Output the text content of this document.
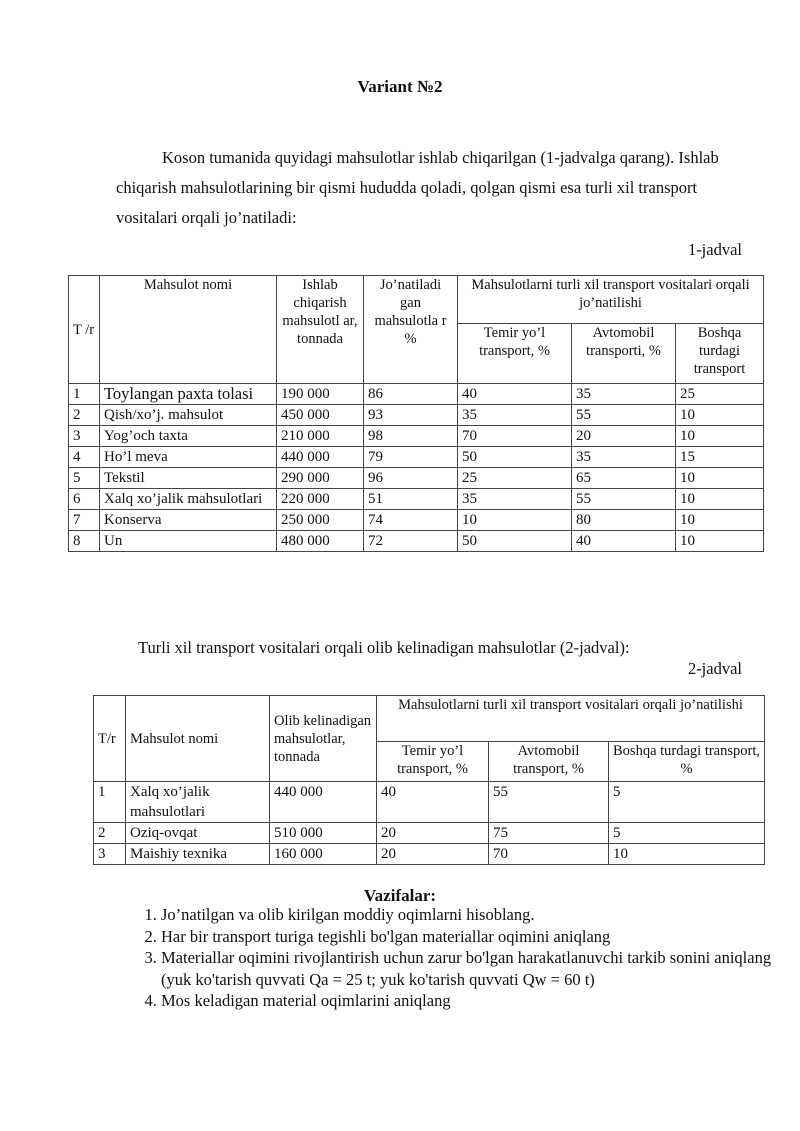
Variant №2
Koson tumanida quyidagi mahsulotlar ishlab chiqarilgan (1-jadvalga qarang). Ishlab chiqarish mahsulotlarining bir qismi hududda qoladi, qolgan qismi esa turli xil transport vositalari orqali jo’natiladi:
1-jadval
T /r	Mahsulot nomi	Ishlab chiqarish mahsulotl ar, tonnada	Jo’natiladi gan mahsulotla r %	Mahsulotlarni turli xil transport vositalari orqali jo’natilishi		
				Temir yo’l transport, %	Avtomobil transporti, %	Boshqa turdagi transport
1	Toylangan paxta tolasi	190 000	86	40	35	25
2	Qish/xo’j. mahsulot	450 000	93	35	55	10
3	Yog’och taxta	210 000	98	70	20	10
4	Ho’l meva	440 000	79	50	35	15
5	Tekstil	290 000	96	25	65	10
6	Xalq xo’jalik mahsulotlari	220 000	51	35	55	10
7	Konserva	250 000	74	10	80	10
8	Un	480 000	72	50	40	10
Turli xil transport vositalari orqali olib kelinadigan mahsulotlar (2-jadval):
2-jadval
T/r	Mahsulot nomi	Olib kelinadigan mahsulotlar, tonnada	Mahsulotlarni turli xil transport vositalari orqali jo’natilishi		
			Temir yo’l transport, %	Avtomobil transport, %	Boshqa turdagi transport, %
1	Xalq xo’jalik mahsulotlari	440 000	40	55	5
2	Oziq-ovqat	510 000	20	75	5
3	Maishiy texnika	160 000	20	70	10
Vazifalar:
1. Jo’natilgan va olib kirilgan moddiy oqimlarni hisoblang.
2. Har bir transport turiga tegishli bo'lgan materiallar oqimini aniqlang
3. Materiallar oqimini rivojlantirish uchun zarur bo'lgan harakatlanuvchi tarkib sonini aniqlang (yuk ko'tarish quvvati Qa = 25 t; yuk ko'tarish quvvati Qw = 60 t)
4. Mos keladigan material oqimlarini aniqlang
